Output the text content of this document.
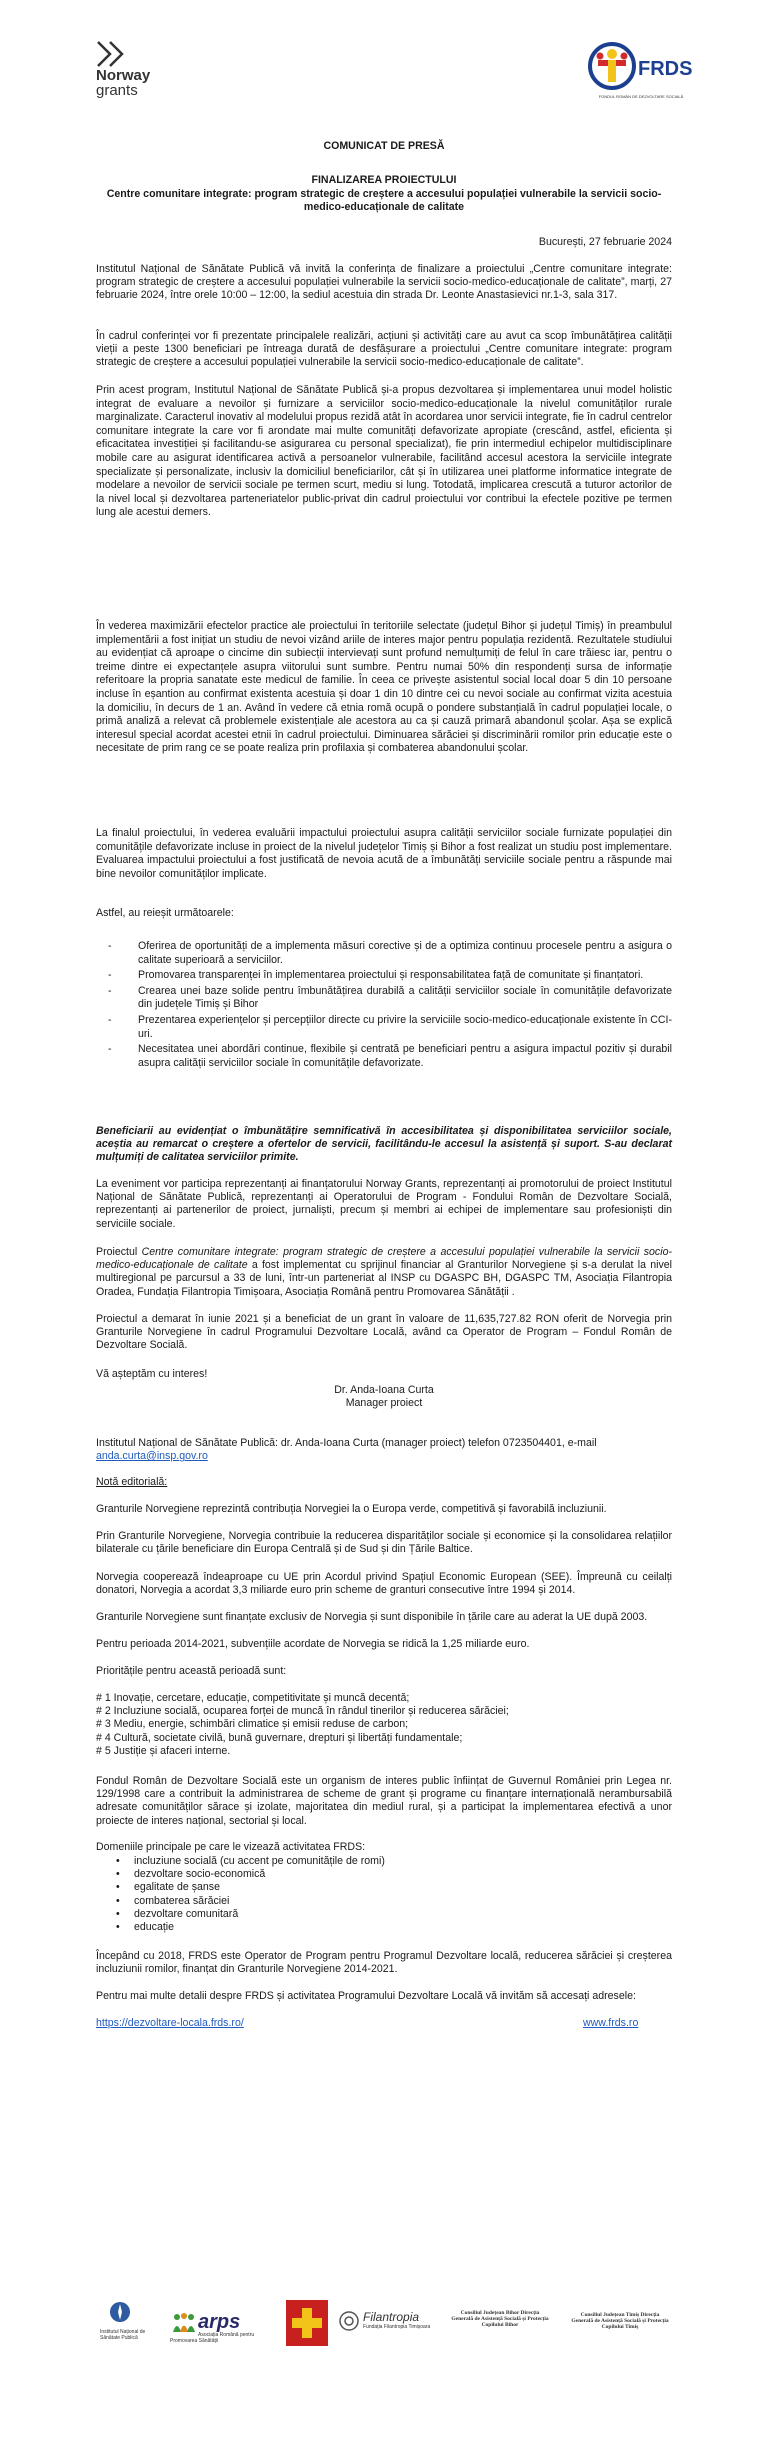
Norway
grants
FRDS
FONDUL ROMÂN DE DEZVOLTARE SOCIALĂ

COMUNICAT DE PRESĂ

FINALIZAREA PROIECTULUI

Centre comunitare integrate: program strategic de creștere a accesului populației vulnerabile la servicii socio-medico-educaționale de calitate

București, 27 februarie 2024

Institutul Național de Sănătate Publică vă invită la conferința de finalizare a proiectului „Centre comunitare integrate: program strategic de creștere a accesului populației vulnerabile la servicii socio-medico-educaționale de calitate”, marți, 27 februarie 2024, între orele 10:00 – 12:00, la sediul acestuia din strada Dr. Leonte Anastasievici nr.1-3, sala 317.

În cadrul conferinței vor fi prezentate principalele realizări, acțiuni și activități care au avut ca scop îmbunătățirea calității vieții a peste 1300 beneficiari pe întreaga durată de desfășurare a proiectului „Centre comunitare integrate: program strategic de creștere a accesului populației vulnerabile la servicii socio-medico-educaționale de calitate”.

Prin acest program, Institutul Național de Sănătate Publică și-a propus dezvoltarea și implementarea unui model holistic integrat de evaluare a nevoilor și furnizare a serviciilor socio-medico-educaționale la nivelul comunităților rurale marginalizate. Caracterul inovativ al modelului propus rezidă atât în acordarea unor servicii integrate, fie în cadrul centrelor comunitare integrate la care vor fi arondate mai multe comunități defavorizate apropiate (crescând, astfel, eficienta și eficacitatea investiției și facilitandu-se asigurarea cu personal specializat), fie prin intermediul echipelor multidisciplinare mobile care au asigurat identificarea activă a persoanelor vulnerabile, facilitând accesul acestora la serviciile integrate specializate și personalizate, inclusiv la domiciliul beneficiarilor, cât și în utilizarea unei platforme informatice integrate de modelare a nevoilor de servicii sociale pe termen scurt, mediu si lung. Totodată, implicarea crescută a tuturor actorilor de la nivel local și dezvoltarea parteneriatelor public-privat din cadrul proiectului vor contribui la efectele pozitive pe termen lung ale acestui demers.

În vederea maximizării efectelor practice ale proiectului în teritoriile selectate (județul Bihor și județul Timiș) în preambulul implementării a fost inițiat un studiu de nevoi vizând ariile de interes major pentru populația rezidentă. Rezultatele studiului au evidențiat că aproape o cincime din subiecții intervievați sunt profund nemulțumiți de felul în care trăiesc iar, pentru o treime dintre ei expectanțele asupra viitorului sunt sumbre. Pentru numai 50% din respondenți sursa de informație referitoare la propria sanatate este medicul de familie. În ceea ce privește asistentul social local doar 5 din 10 persoane incluse în eșantion au confirmat existenta acestuia și doar 1 din 10 dintre cei cu nevoi sociale au confirmat vizita acestuia la domiciliu, în decurs de 1 an. Având în vedere că etnia romă ocupă o pondere substanțială în cadrul populației locale, o primă analiză a relevat că problemele existențiale ale acestora au ca și cauză primară abandonul școlar. Așa se explică interesul special acordat acestei etnii în cadrul proiectului. Diminuarea sărăciei și discriminării romilor prin educație este o necesitate de prim rang ce se poate realiza prin profilaxia și combaterea abandonului școlar.

La finalul proiectului, în vederea evaluării impactului proiectului asupra calității serviciilor sociale furnizate populației din comunitățile defavorizate incluse in proiect de la nivelul județelor Timiș și Bihor a fost realizat un studiu post implementare. Evaluarea impactului proiectului a fost justificată de nevoia acută de a îmbunătăți serviciile sociale pentru a răspunde mai bine nevoilor comunităților implicate.

Astfel, au reieșit următoarele:

- Oferirea de oportunități de a implementa măsuri corective și de a optimiza continuu procesele pentru a asigura o calitate superioară a serviciilor.
- Promovarea transparenței în implementarea proiectului și responsabilitatea față de comunitate și finanțatori.
- Crearea unei baze solide pentru îmbunătățirea durabilă a calității serviciilor sociale în comunitățile defavorizate din județele Timiș și Bihor
- Prezentarea experiențelor și percepțiilor directe cu privire la serviciile socio-medico-educaționale existente în CCI- uri.
- Necesitatea unei abordări continue, flexibile și centrată pe beneficiari pentru a asigura impactul pozitiv și durabil asupra calității serviciilor sociale în comunitățile defavorizate.

Beneficiarii au evidențiat o îmbunătățire semnificativă în accesibilitatea și disponibilitatea serviciilor sociale, aceștia au remarcat o creștere a ofertelor de servicii, facilitându-le accesul la asistență și suport. S-au declarat mulțumiți de calitatea serviciilor primite.

La eveniment vor participa reprezentanți ai finanțatorului Norway Grants, reprezentanți ai promotorului de proiect Institutul Național de Sănătate Publică, reprezentanți ai Operatorului de Program - Fondului Român de Dezvoltare Socială, reprezentanți ai partenerilor de proiect, jurnaliști, precum și membri ai echipei de implementare sau profesioniști din serviciile sociale.

Proiectul Centre comunitare integrate: program strategic de creștere a accesului populației vulnerabile la servicii socio-medico-educaționale de calitate a fost implementat cu sprijinul financiar al Granturilor Norvegiene și s-a derulat la nivel multiregional pe parcursul a 33 de luni, într-un parteneriat al INSP cu DGASPC BH, DGASPC TM, Asociația Filantropia Oradea, Fundația Filantropia Timișoara, Asociația Română pentru Promovarea Sănătății .

Proiectul a demarat în iunie 2021 și a beneficiat de un grant în valoare de 11,635,727.82 RON oferit de Norvegia prin Granturile Norvegiene în cadrul Programului Dezvoltare Locală, având ca Operator de Program – Fondul Român de Dezvoltare Socială.

Vă așteptăm cu interes!

Dr. Anda-Ioana Curta

Manager proiect

Institutul Național de Sănătate Publică: dr. Anda-Ioana Curta (manager proiect) telefon 0723504401, e-mail
anda.curta@insp.gov.ro

Notă editorială:

Granturile Norvegiene reprezintă contribuția Norvegiei la o Europa verde, competitivă și favorabilă incluziunii.

Prin Granturile Norvegiene, Norvegia contribuie la reducerea disparităților sociale și economice și la consolidarea relațiilor bilaterale cu țările beneficiare din Europa Centrală și de Sud și din Țările Baltice.

Norvegia cooperează îndeaproape cu UE prin Acordul privind Spațiul Economic European (SEE). Împreună cu ceilalți donatori, Norvegia a acordat 3,3 miliarde euro prin scheme de granturi consecutive între 1994 și 2014.

Granturile Norvegiene sunt finanțate exclusiv de Norvegia și sunt disponibile în țările care au aderat la UE după 2003.

Pentru perioada 2014-2021, subvențiile acordate de Norvegia se ridică la 1,25 miliarde euro.

Prioritățile pentru această perioadă sunt:

# 1 Inovație, cercetare, educație, competitivitate și muncă decentă;

# 2 Incluziune socială, ocuparea forței de muncă în rândul tinerilor și reducerea sărăciei;

# 3 Mediu, energie, schimbări climatice și emisii reduse de carbon;

# 4 Cultură, societate civilă, bună guvernare, drepturi și libertăți fundamentale;

# 5 Justiție și afaceri interne.

Fondul Român de Dezvoltare Socială este un organism de interes public înființat de Guvernul României prin Legea nr. 129/1998 care a contribuit la administrarea de scheme de grant și programe cu finanțare internațională nerambursabilă adresate comunităților sărace și izolate, majoritatea din mediul rural, și a participat la implementarea efectivă a unor proiecte de interes național, sectorial și local.

Domeniile principale pe care le vizează activitatea FRDS:

• incluziune socială (cu accent pe comunitățile de romi)
• dezvoltare socio-economică
• egalitate de șanse
• combaterea sărăciei
• dezvoltare comunitară
• educație

Începând cu 2018, FRDS este Operator de Program pentru Programul Dezvoltare locală, reducerea sărăciei și creșterea incluziunii romilor, finanțat din Granturile Norvegiene 2014-2021.

Pentru mai multe detalii despre FRDS și activitatea Programului Dezvoltare Locală vă invităm să accesați adresele:

https://dezvoltare-locala.frds.ro/	www.frds.ro
Institutul Național de Sănătate Publică
arps
Asociația Română pentru Promovarea Sănătății
Filantropia
Fundația Filantropia Timișoara
Consiliul Județean Bihor Direcția Generală de Asistență Socială și Protecția Copilului Bihor
Consiliul Județean Timiș Direcția Generală de Asistență Socială și Protecția Copilului Timiș
